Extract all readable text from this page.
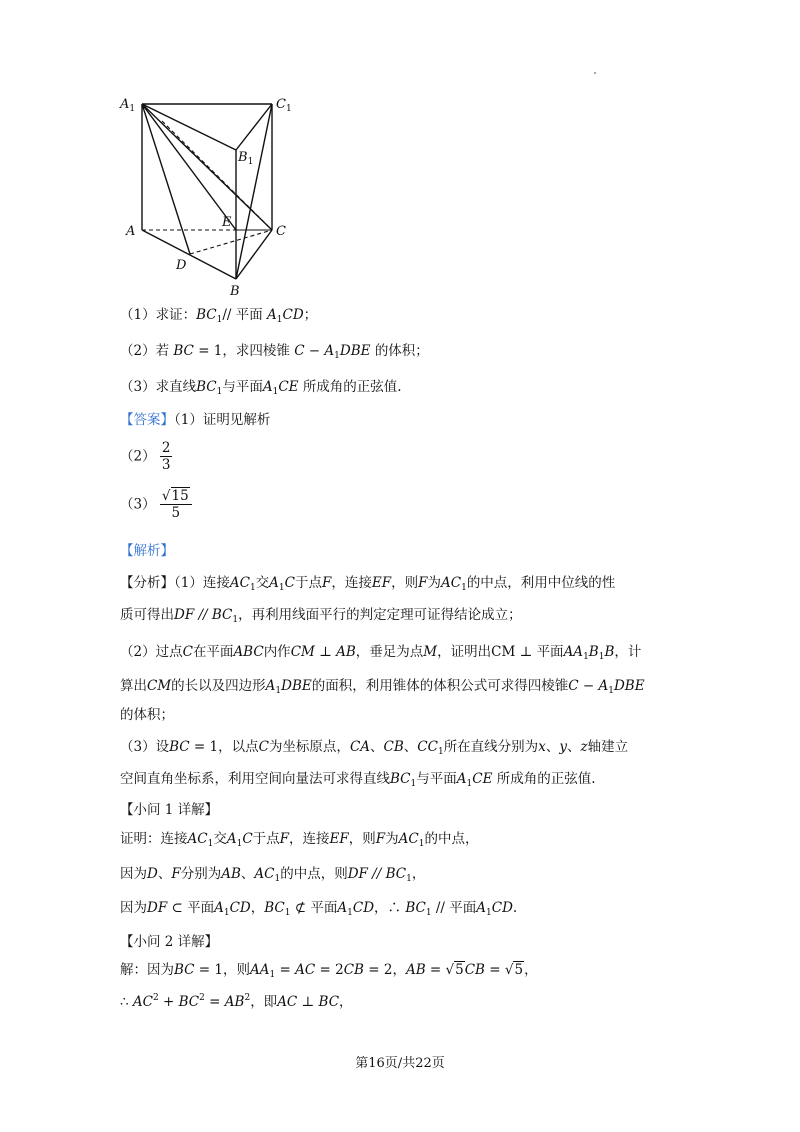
$A_1$	$C_1$
$B_1$
A	C
B
D
E
（1）求证：$BC_1//$ 平面 $A_1CD$；
（2）若 BC = 1，求四棱锥 $C - A_1DBE$ 的体积；
（3）求直线$BC_1$与平面$A_1CE$ 所成角的正弦值.
【答案】（1）证明见解析
$(2) \frac{2}{3}$
$(3) \frac{√15}{5}$
【解析】
【分析】（1）连接$AC_1$交$A_1C$于点F，连接EF，则F为$AC_1$的中点，利用中位线的性
质可得出DF // $BC_1$，再利用线面平行的判定定理可证得结论成立；
（2）过点C在平面ABC内作CM ⊥ AB，垂足为点M，证明出CM ⊥ 平面$AA_1B_1B$，计
算出CM的长以及四边形$A_1DBE$的面积，利用锥体的体积公式可求得四棱锥$C - A_1DBE$
的体积；
（3）设BC = 1，以点C为坐标原点，CA、CB、$CC_1$所在直线分别为x、y、z轴建立
空间直角坐标系，利用空间向量法可求得直线$BC_1$与平面$A_1CE$ 所成角的正弦值.
【小问 1 详解】
证明：连接$AC_1$交$A_1C$于点F，连接EF，则F为$AC_1$的中点，
因为D、F分别为AB、$AC_1$的中点，则DF // $BC_1$，
因为DF ⊂ 平面$A_1CD$，$BC_1$ ⊄ 平面$A_1CD$，∴ $BC_1$ // 平面$A_1CD$.
【小问 2 详解】
解：因为BC = 1，则$AA_1$ = AC = 2CB = 2，AB = √5CB = √5，
∴ $AC^2 + BC^2 = AB^2$，即AC ⊥ BC，
第16页/共22页
